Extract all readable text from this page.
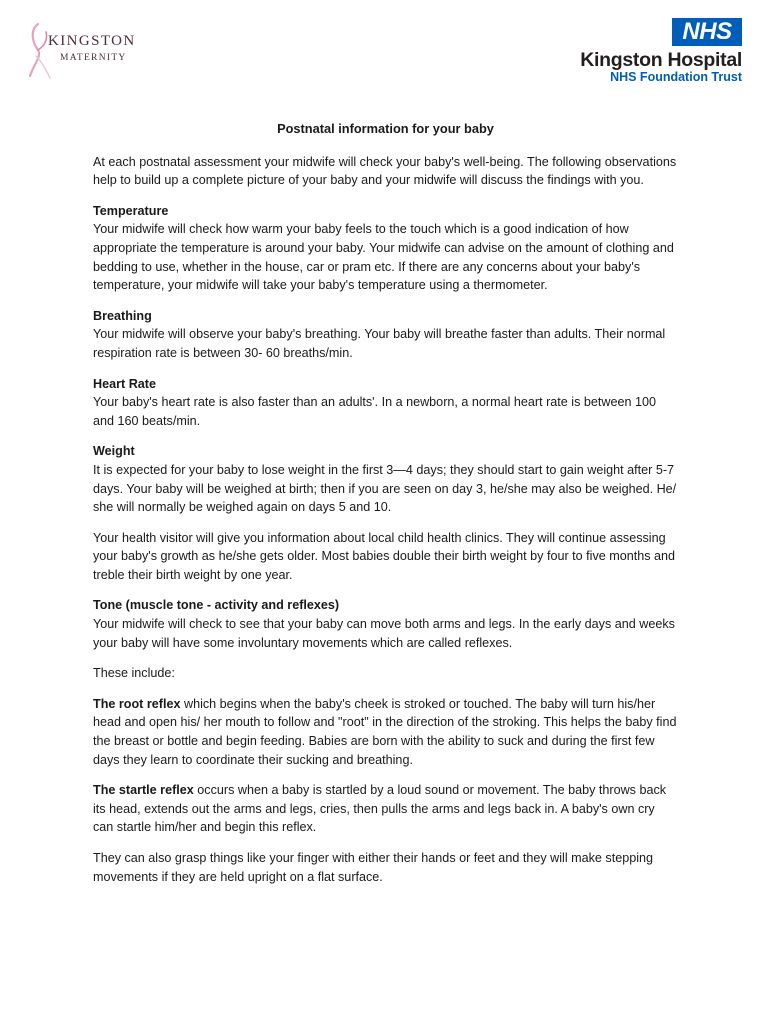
KINGSTON
MATERNITY
NHS
Kingston Hospital
NHS Foundation Trust
Postnatal information for your baby

At each postnatal assessment your midwife will check your baby's well-being. The following observations help to build up a complete picture of your baby and your midwife will discuss the findings with you.

Temperature
Your midwife will check how warm your baby feels to the touch which is a good indication of how appropriate the temperature is around your baby. Your midwife can advise on the amount of clothing and bedding to use, whether in the house, car or pram etc. If there are any concerns about your baby's temperature, your midwife will take your baby's temperature using a thermometer.

Breathing
Your midwife will observe your baby's breathing. Your baby will breathe faster than adults. Their normal respiration rate is between 30- 60 breaths/min.

Heart Rate
Your baby's heart rate is also faster than an adults'. In a newborn, a normal heart rate is between 100 and 160 beats/min.

Weight
It is expected for your baby to lose weight in the first 3—4 days; they should start to gain weight after 5-7 days. Your baby will be weighed at birth; then if you are seen on day 3, he/she may also be weighed. He/ she will normally be weighed again on days 5 and 10.

Your health visitor will give you information about local child health clinics. They will continue assessing your baby's growth as he/she gets older. Most babies double their birth weight by four to five months and treble their birth weight by one year.

Tone (muscle tone - activity and reflexes)
Your midwife will check to see that your baby can move both arms and legs. In the early days and weeks your baby will have some involuntary movements which are called reflexes.

These include:

The root reflex which begins when the baby's cheek is stroked or touched. The baby will turn his/her head and open his/ her mouth to follow and "root" in the direction of the stroking. This helps the baby find the breast or bottle and begin feeding. Babies are born with the ability to suck and during the first few days they learn to coordinate their sucking and breathing.

The startle reflex occurs when a baby is startled by a loud sound or movement. The baby throws back its head, extends out the arms and legs, cries, then pulls the arms and legs back in. A baby's own cry can startle him/her and begin this reflex.

They can also grasp things like your finger with either their hands or feet and they will make stepping movements if they are held upright on a flat surface.
